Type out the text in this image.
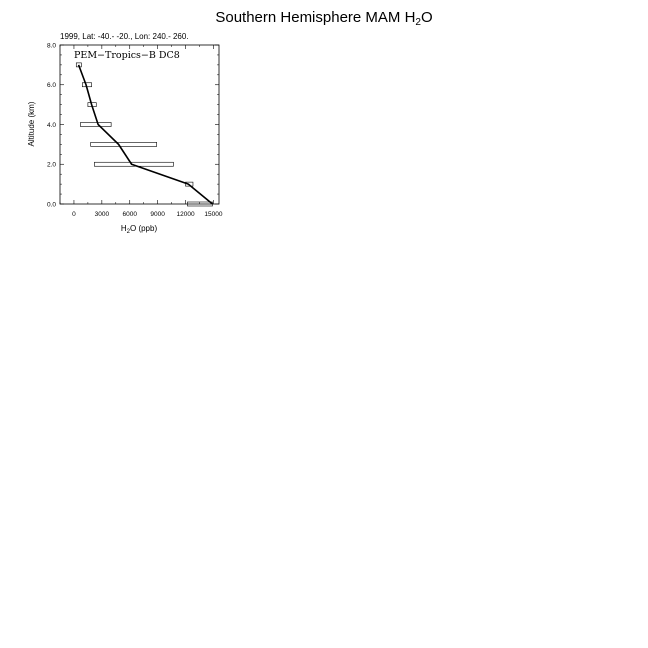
Southern Hemisphere MAM $H_2O$
1999, Lat: -40.- -20., Lon: 240.- 260.
PEM−Tropics−B DC8
$H_2O$ (ppb)
Altitude (km)
0	3000 6000 9000 12000 15000
0.0
2.0
4.0
6.0
8.0
